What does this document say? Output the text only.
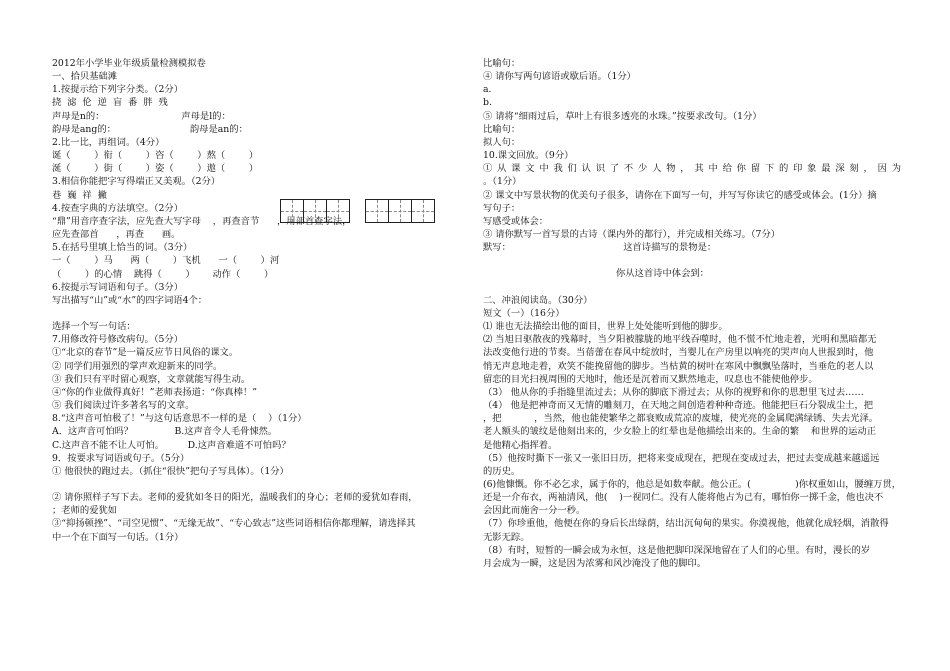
2012年小学毕业年级质量检测模拟卷
一、拾贝基础滩
1.按提示给下列字分类。（2分）
挠  滤  伦  逆  盲  番  胖  残
声母是n的：                          声母是l的：
韵母是ang的：                         韵母是an的：
2.比一比，再组词。（4分）
诞（        ）衔（        ）咨（        ）熬（        ）
涎（        ）街（        ）姿（        ）遨（        ）
3.相信你能把字写得端正又美观。（2分）
巷  巍  祥  撇
4.按查字典的方法填空。（2分）
“鼎”用音序查字法，应先查大写字母    ，再查音节      ，用部首查字法，
应先查部首      ，再查      画。
5.在括号里填上恰当的词。（3分）
一（        ）马      两（        ）飞机      一（        ）河
（        ）的心情    跳得（        ）      动作（        ）
6.按提示写词语和句子。（3分）
写出描写“山”或“水”的四字词语4个：
选择一个写一句话：
7.用修改符号修改病句。（5分）
①“北京的春节”是一篇反应节日风俗的课文。
② 同学们用强烈的掌声欢迎新来的同学。
③ 我们只有平时留心观察，文章就能写得生动。
④“你的作业做得真好！”老师表扬道：“你真棒！”
⑤ 我们阅读过许多著名写的文章。
8.“这声音可怕极了！”与这句话意思不一样的是（    ）（1分）
A．这声音可怕吗？              B.这声音令人毛骨悚然。
C.这声音不能不让人可怕。        D.这声音难道不可怕吗？
9．按要求写词语或句子。（5分）
① 他很快的跑过去。（抓住“很快”把句子写具体）。（1分）
② 请你照样子写下去。老师的爱犹如冬日的阳光，温暖我们的身心；老师的爱犹如春雨，
；老师的爱犹如
③“抑扬顿挫”、“司空见惯”、“无缘无故”、“专心致志”这些词语相信你都理解，请选择其
中一个在下面写一句话。（1分）
比喻句：
④ 请你写两句谚语或歇后语。（1分）
a.
b.
⑤ 请将“细雨过后，草叶上有很多透亮的水珠。”按要求改句。（1分）
比喻句：
拟人句：
10.课文回放。（9分）
① 从 课 文 中 我 们 认 识 了 不 少 人 物 ， 其 中 给 你 留 下 的 印 象 最 深 刻 ， 因 为
。（1分）
② 课文中写景状物的优美句子很多，请你在下面写一句，并写写你读它的感受或体会。(1分）摘
写句子：
写感受或体会：
③ 请你默写一首写景的古诗（课内外的都行），并完成相关练习。（7分）
默写：                                      这首诗描写的景物是：
你从这首诗中体会到：
二、冲浪阅读岛。（30分）
短文（一）（16分）
⑴ 谁也无法描绘出他的面目，世界上处处能听到他的脚步。
⑵ 当旭日驱散夜的残幕时，当夕阳被朦胧的地平线吞噬时，他不慌不忙地走着，光明和黑暗都无
法改变他行进的节奏。当蓓蕾在春风中绽放时，当婴儿在产房里以响亮的哭声向人世报到时，他
悄无声息地走着，欢笑不能挽留他的脚步。当枯黄的树叶在寒风中飘飘坠落时，当垂危的老人以
留恋的目光扫视周围的天地时，他还是沉着而又默然地走，叹息也不能使他停步。
（3） 他从你的手指缝里流过去；从你的脚底下滑过去；从你的视野和你的思想里飞过去……
（4） 他是把神奇而又无情的雕刻刀，在天地之间创造着种种奇迹。他能把巨石分裂成尘土，把
，把           ，当然，他也能使繁华之都衰败成荒凉的废墟，使光亮的金属爬满绿锈、失去光泽。
老人额头的皱纹是他刻出来的，少女脸上的红晕也是他描绘出来的。生命的繁    和世界的运动正
是他精心指挥着。
（5）他按时撕下一张又一张旧日历，把将来变成现在，把现在变成过去，把过去变成越来越遥远
的历史。
(6)他慷慨。你不必乞求，属于你的，他总是如数奉献。他公正。(               )你权重如山，腰缠万贯，
还是一介布衣，两袖清风，他(    )一视同仁。没有人能将他占为己有，哪怕你一掷千金，他也决不
会因此而施舍一分一秒。
（7）你珍重他，他便在你的身后长出绿荫，结出沉甸甸的果实。你漠视他，他就化成轻烟，消散得
无影无踪。
（8）有时，短暂的一瞬会成为永恒，这是他把脚印深深地留在了人们的心里。有时，漫长的岁
月会成为一瞬，这是因为浓雾和风沙淹没了他的脚印。
